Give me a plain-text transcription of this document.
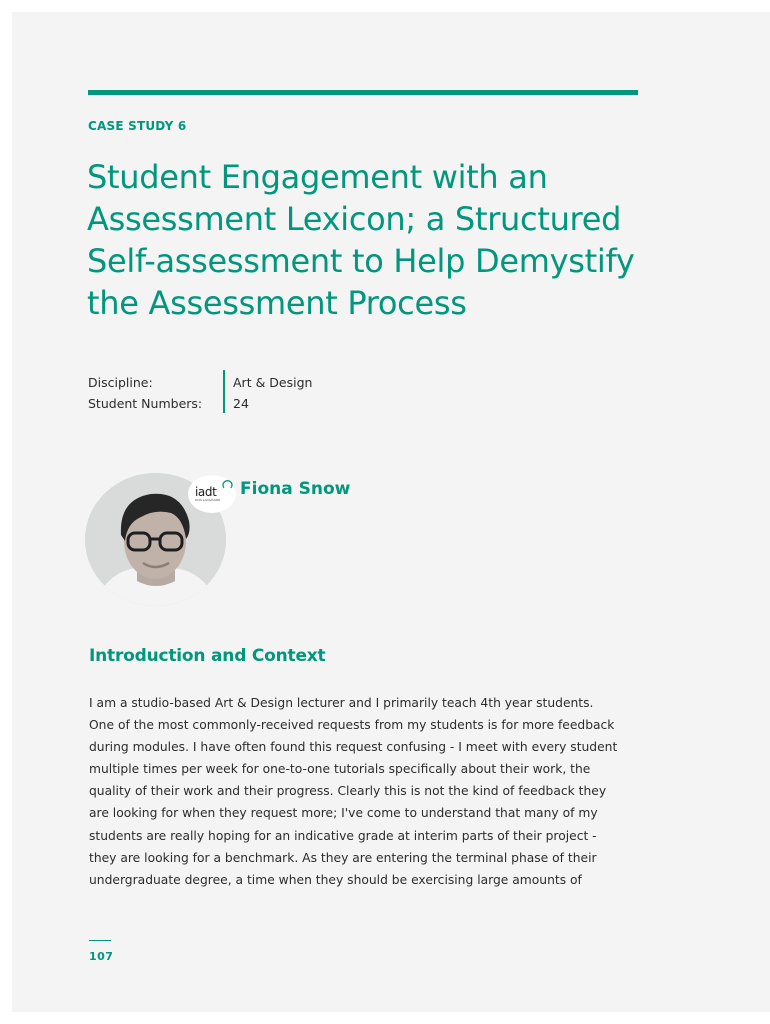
CASE STUDY 6
Student Engagement with an Assessment Lexicon; a Structured Self-assessment to Help Demystify the Assessment Process
Discipline:	Art & Design
Student Numbers:	24
iadt
DÚN LAOGHAIRE
Fiona Snow
Introduction and Context

I am a studio-based Art & Design lecturer and I primarily teach 4th year students.
One of the most commonly-received requests from my students is for more feedback
during modules. I have often found this request confusing - I meet with every student
multiple times per week for one-to-one tutorials specifically about their work, the
quality of their work and their progress. Clearly this is not the kind of feedback they
are looking for when they request more; I've come to understand that many of my
students are really hoping for an indicative grade at interim parts of their project -
they are looking for a benchmark. As they are entering the terminal phase of their
undergraduate degree, a time when they should be exercising large amounts of

107
